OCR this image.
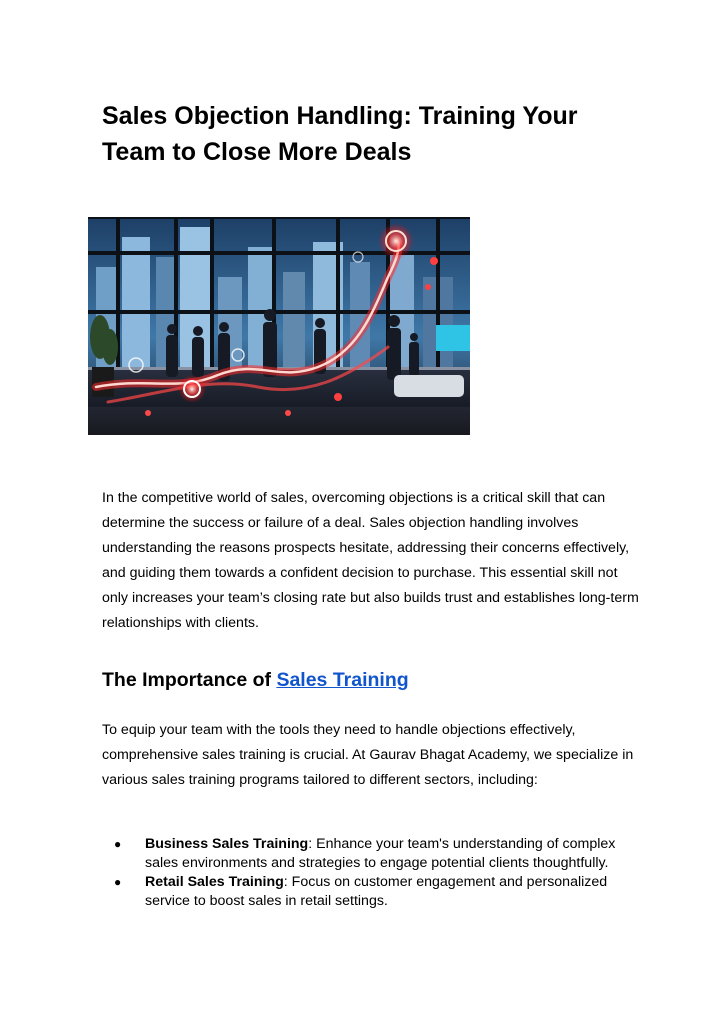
Sales Objection Handling: Training Your Team to Close More Deals

In the competitive world of sales, overcoming objections is a critical skill that can determine the success or failure of a deal. Sales objection handling involves understanding the reasons prospects hesitate, addressing their concerns effectively, and guiding them towards a confident decision to purchase. This essential skill not only increases your team’s closing rate but also builds trust and establishes long-term relationships with clients.

The Importance of Sales Training

To equip your team with the tools they need to handle objections effectively, comprehensive sales training is crucial. At Gaurav Bhagat Academy, we specialize in various sales training programs tailored to different sectors, including:

● Business Sales Training: Enhance your team's understanding of complex sales environments and strategies to engage potential clients thoughtfully.
● Retail Sales Training: Focus on customer engagement and personalized service to boost sales in retail settings.
